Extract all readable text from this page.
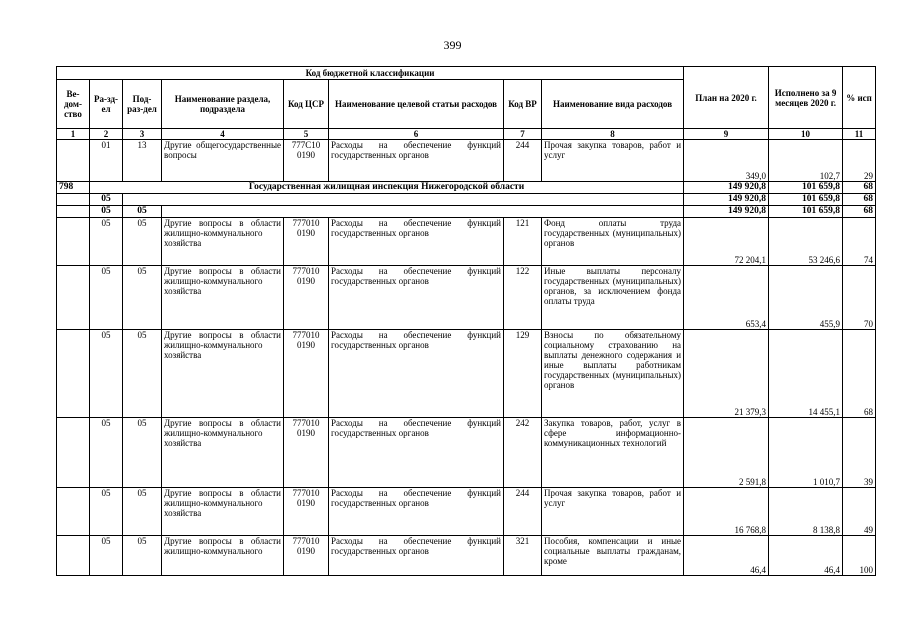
399
Код бюджетной классификации								План на 2020 г.	Исполнено за 9 месяцев 2020 г.	% исп
Ве-дом-ство	Ра-зд-ел	Под-раз-дел	Наименование раздела, подраздела	Код ЦСР	Наименование целевой статьи расходов	Код ВР	Наименование вида расходов			
1	2	3	4	5	6	7	8	9	10	11
	01	13	Другие общегосударственные вопросы	777С10 0190	Расходы на обеспечение функций государственных органов	244	Прочая закупка товаров, работ и услуг	349,0	102,7	29
798	Государственная жилищная инспекция Нижегородской области							149 920,8	101 659,8	68
	05							149 920,8	101 659,8	68
	05	05						149 920,8	101 659,8	68
	05	05	Другие вопросы в области жилищно-коммунального хозяйства	777010 0190	Расходы на обеспечение функций государственных органов	121	Фонд оплаты труда государственных (муниципальных) органов	72 204,1	53 246,6	74
	05	05	Другие вопросы в области жилищно-коммунального хозяйства	777010 0190	Расходы на обеспечение функций государственных органов	122	Иные выплаты персоналу государственных (муниципальных) органов, за исключением фонда оплаты труда	653,4	455,9	70
	05	05	Другие вопросы в области жилищно-коммунального хозяйства	777010 0190	Расходы на обеспечение функций государственных органов	129	Взносы по обязательному социальному страхованию на выплаты денежного содержания и иные выплаты работникам государственных (муниципальных) органов	21 379,3	14 455,1	68
	05	05	Другие вопросы в области жилищно-коммунального хозяйства	777010 0190	Расходы на обеспечение функций государственных органов	242	Закупка товаров, работ, услуг в сфере информационно-коммуникационных технологий	2 591,8	1 010,7	39
	05	05	Другие вопросы в области жилищно-коммунального хозяйства	777010 0190	Расходы на обеспечение функций государственных органов	244	Прочая закупка товаров, работ и услуг	16 768,8	8 138,8	49
	05	05	Другие вопросы в области жилищно-коммунального	777010 0190	Расходы на обеспечение функций государственных органов	321	Пособия, компенсации и иные социальные выплаты гражданам, кроме	46,4	46,4	100
